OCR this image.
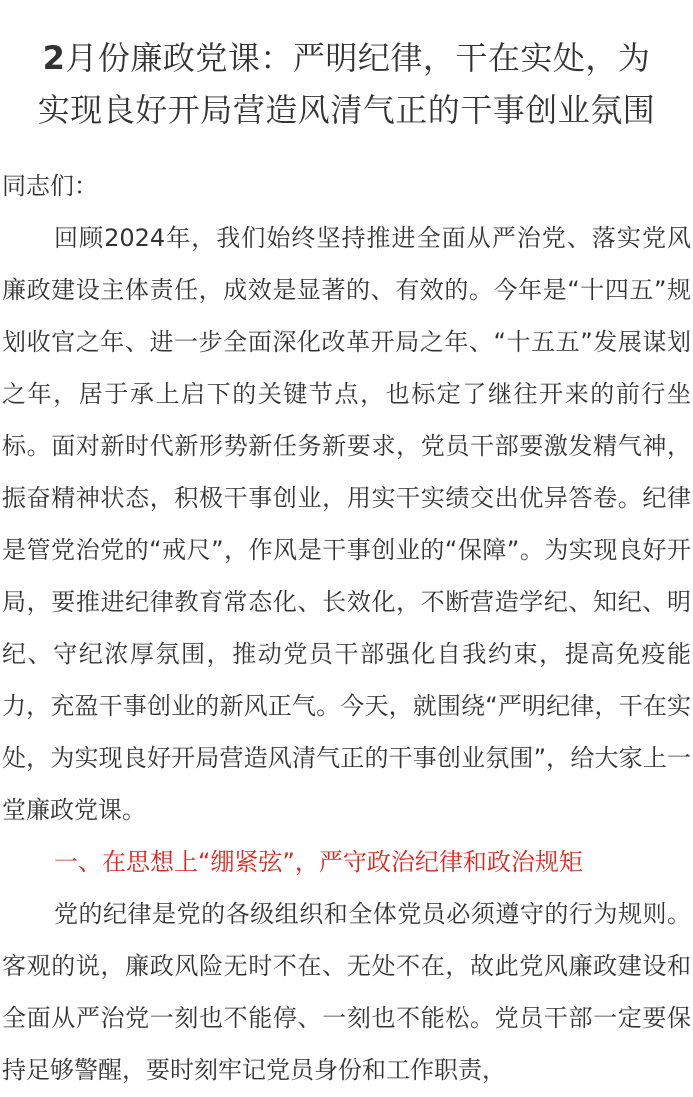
2月份廉政党课：严明纪律，干在实处，为
实现良好开局营造风清气正的干事创业氛围

同志们：

回顾2024年，我们始终坚持推进全面从严治党、落实党风廉政建设主体责任，成效是显著的、有效的。今年是“十四五”规划收官之年、进一步全面深化改革开局之年、“十五五”发展谋划之年，居于承上启下的关键节点，也标定了继往开来的前行坐标。面对新时代新形势新任务新要求，党员干部要激发精气神，振奋精神状态，积极干事创业，用实干实绩交出优异答卷。纪律是管党治党的“戒尺”，作风是干事创业的“保障”。为实现良好开局，要推进纪律教育常态化、长效化，不断营造学纪、知纪、明纪、守纪浓厚氛围，推动党员干部强化自我约束，提高免疫能力，充盈干事创业的新风正气。今天，就围绕“严明纪律，干在实处，为实现良好开局营造风清气正的干事创业氛围”，给大家上一堂廉政党课。

一、在思想上“绷紧弦”，严守政治纪律和政治规矩

党的纪律是党的各级组织和全体党员必须遵守的行为规则。客观的说，廉政风险无时不在、无处不在，故此党风廉政建设和全面从严治党一刻也不能停、一刻也不能松。党员干部一定要保持足够警醒，要时刻牢记党员身份和工作职责，
